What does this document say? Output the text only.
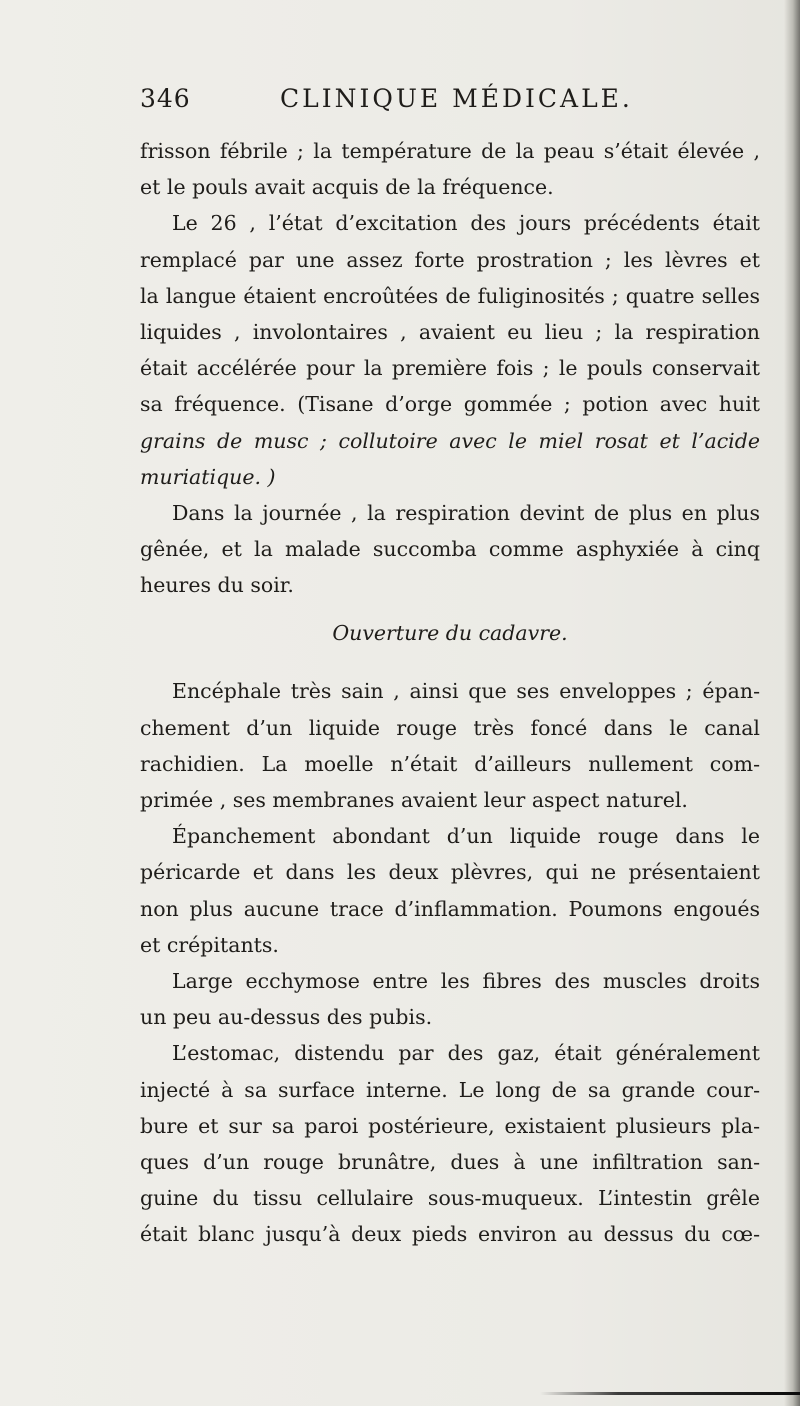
346	CLINIQUE MÉDICALE.
frisson fébrile ; la température de la peau s’était élevée ,
et le pouls avait acquis de la fréquence.
Le 26 , l’état d’excitation des jours précédents était
remplacé par une assez forte prostration ; les lèvres et
la langue étaient encroûtées de fuliginosités ; quatre selles
liquides , involontaires , avaient eu lieu ; la respiration
était accélérée pour la première fois ; le pouls conservait
sa fréquence. (Tisane d’orge gommée ; potion avec huit
grains de musc ; collutoire avec le miel rosat et l’acide
muriatique. )
Dans la journée , la respiration devint de plus en plus
gênée, et la malade succomba comme asphyxiée à cinq
heures du soir.
Ouverture du cadavre.
Encéphale très sain , ainsi que ses enveloppes ; épan-
chement d’un liquide rouge très foncé dans le canal
rachidien. La moelle n’était d’ailleurs nullement com-
primée , ses membranes avaient leur aspect naturel.
Épanchement abondant d’un liquide rouge dans le
péricarde et dans les deux plèvres, qui ne présentaient
non plus aucune trace d’inflammation. Poumons engoués
et crépitants.
Large ecchymose entre les fibres des muscles droits
un peu au-dessus des pubis.
L’estomac, distendu par des gaz, était généralement
injecté à sa surface interne. Le long de sa grande cour-
bure et sur sa paroi postérieure, existaient plusieurs pla-
ques d’un rouge brunâtre, dues à une infiltration san-
guine du tissu cellulaire sous-muqueux. L’intestin grêle
était blanc jusqu’à deux pieds environ au dessus du cœ-
